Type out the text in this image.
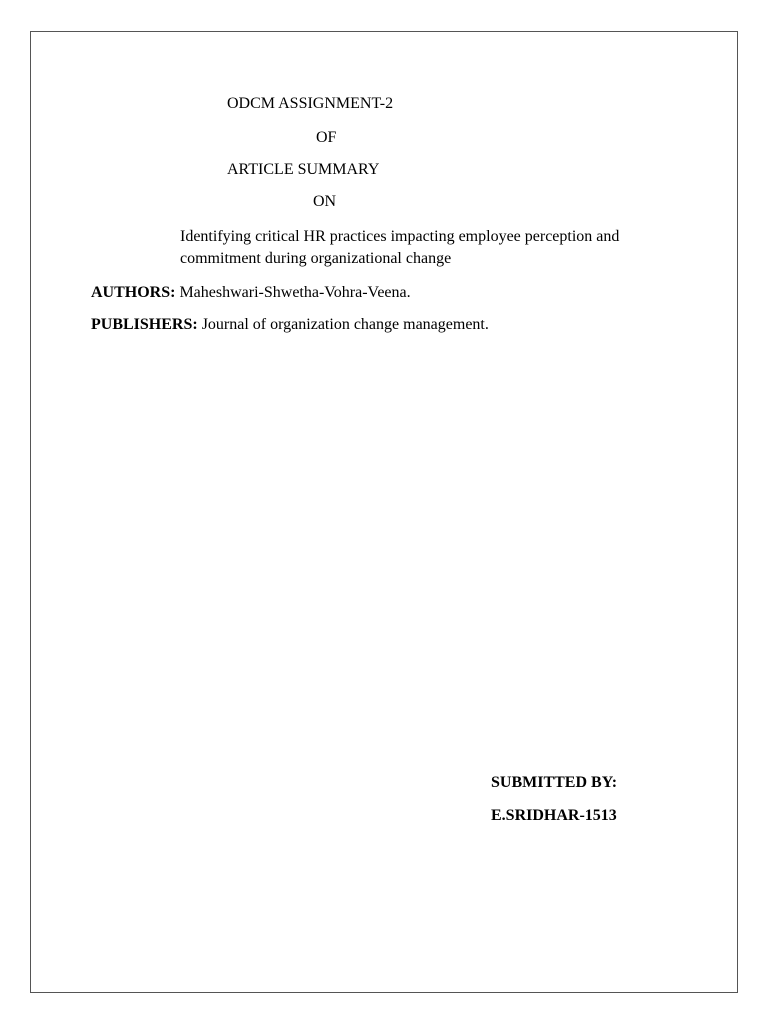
ODCM ASSIGNMENT-2
OF
ARTICLE SUMMARY
ON
Identifying critical HR practices impacting employee perception and commitment during organizational change
AUTHORS: Maheshwari-Shwetha-Vohra-Veena.
PUBLISHERS: Journal of organization change management.
SUBMITTED BY:
E.SRIDHAR-1513
